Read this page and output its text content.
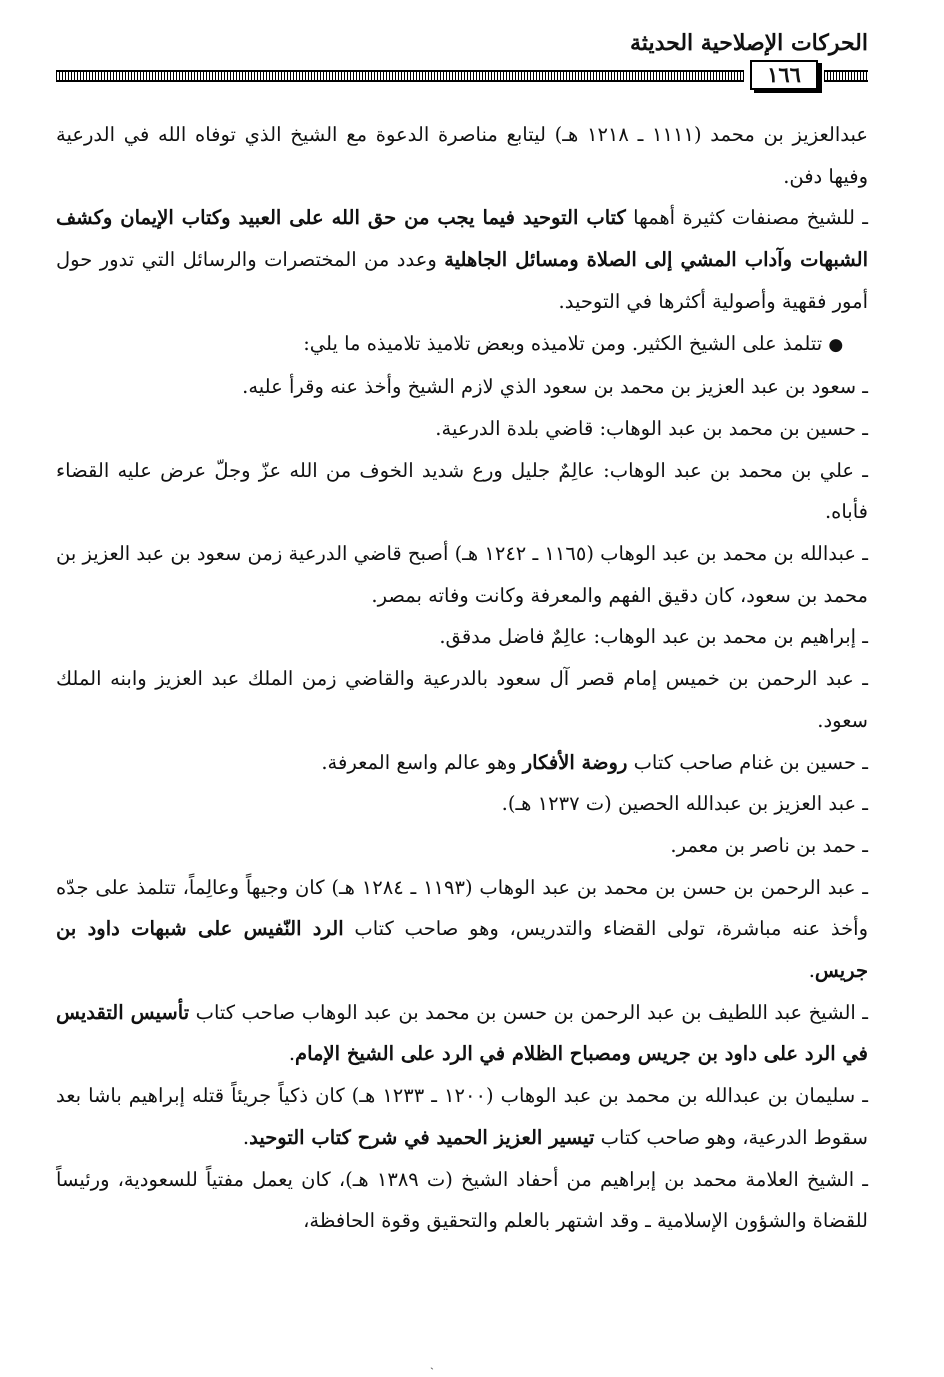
الحركات الإصلاحية الحديثة
١٦٦

عبدالعزيز بن محمد (١١١١ ـ ١٢١٨ هـ) ليتابع مناصرة الدعوة مع الشيخ الذي توفاه الله في الدرعية وفيها دفن.

ـ للشيخ مصنفات كثيرة أهمها كتاب التوحيد فيما يجب من حق الله على العبيد وكتاب الإيمان وكشف الشبهات وآداب المشي إلى الصلاة ومسائل الجاهلية وعدد من المختصرات والرسائل التي تدور حول أمور فقهية وأصولية أكثرها في التوحيد.

● تتلمذ على الشيخ الكثير. ومن تلاميذه وبعض تلاميذ تلاميذه ما يلي:

ـ سعود بن عبد العزيز بن محمد بن سعود الذي لازم الشيخ وأخذ عنه وقرأ عليه.

ـ حسين بن محمد بن عبد الوهاب: قاضي بلدة الدرعية.

ـ علي بن محمد بن عبد الوهاب: عالِمٌ جليل ورع شديد الخوف من الله عزّ وجلّ عرض عليه القضاء فأباه.

ـ عبدالله بن محمد بن عبد الوهاب (١١٦٥ ـ ١٢٤٢ هـ) أصبح قاضي الدرعية زمن سعود بن عبد العزيز بن محمد بن سعود، كان دقيق الفهم والمعرفة وكانت وفاته بمصر.

ـ إبراهيم بن محمد بن عبد الوهاب: عالِمٌ فاضل مدقق.

ـ عبد الرحمن بن خميس إمام قصر آل سعود بالدرعية والقاضي زمن الملك عبد العزيز وابنه الملك سعود.

ـ حسين بن غنام صاحب كتاب روضة الأفكار وهو عالم واسع المعرفة.

ـ عبد العزيز بن عبدالله الحصين (ت ١٢٣٧ هـ).

ـ حمد بن ناصر بن معمر.

ـ عبد الرحمن بن حسن بن محمد بن عبد الوهاب (١١٩٣ ـ ١٢٨٤ هـ) كان وجيهاً وعالِماً، تتلمذ على جدّه وأخذ عنه مباشرة، تولى القضاء والتدريس، وهو صاحب كتاب الرد النّفيس على شبهات داود بن جريس.

ـ الشيخ عبد اللطيف بن عبد الرحمن بن حسن بن محمد بن عبد الوهاب صاحب كتاب تأسيس التقديس في الرد على داود بن جريس ومصباح الظلام في الرد على الشيخ الإمام.

ـ سليمان بن عبدالله بن محمد بن عبد الوهاب (١٢٠٠ ـ ١٢٣٣ هـ) كان ذكياً جريئاً قتله إبراهيم باشا بعد سقوط الدرعية، وهو صاحب كتاب تيسير العزيز الحميد في شرح كتاب التوحيد.

ـ الشيخ العلامة محمد بن إبراهيم من أحفاد الشيخ (ت ١٣٨٩ هـ)، كان يعمل مفتياً للسعودية، ورئيساً للقضاة والشؤون الإسلامية ـ وقد اشتهر بالعلم والتحقيق وقوة الحافظة،

ˏ
